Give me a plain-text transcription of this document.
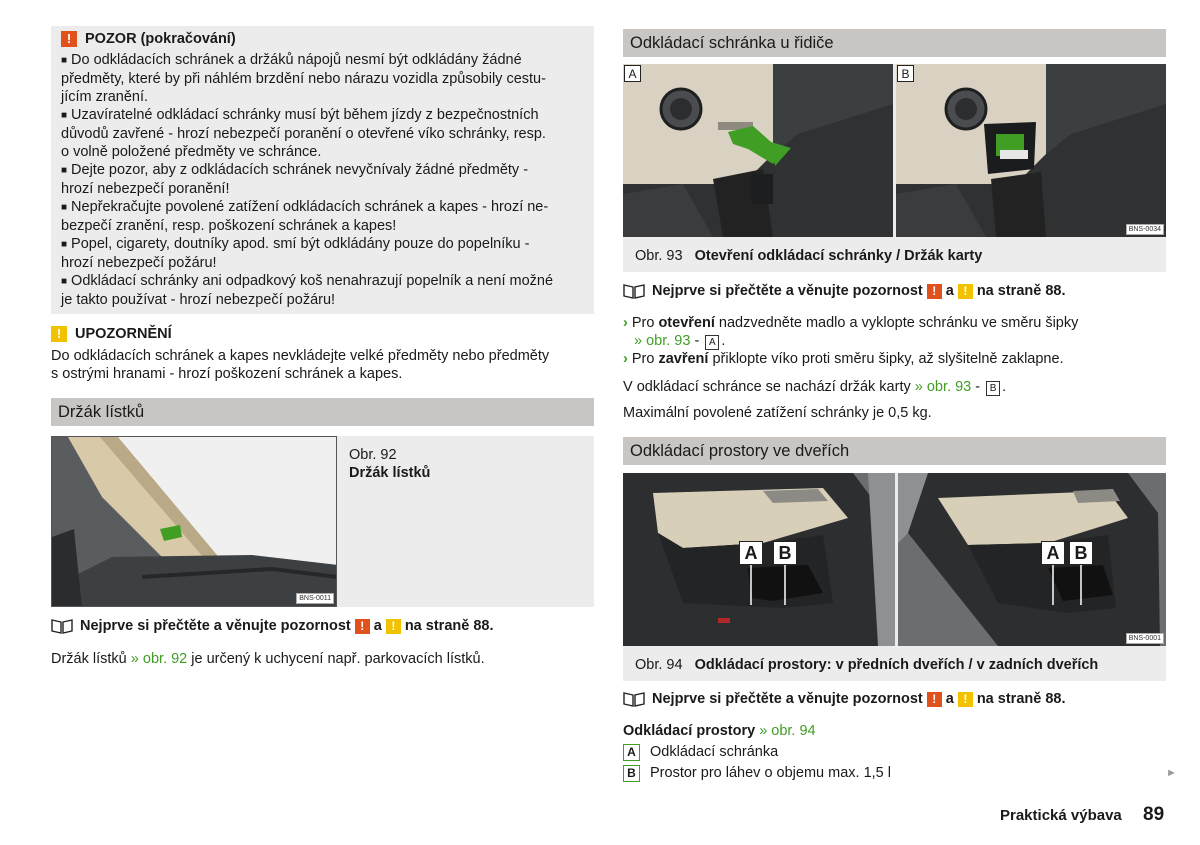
! POZOR (pokračování)
■ Do odkládacích schránek a držáků nápojů nesmí být odkládány žádné
předměty, které by při náhlém brzdění nebo nárazu vozidla způsobily cestu-
jícím zranění.
■ Uzavíratelné odkládací schránky musí být během jízdy z bezpečnostních
důvodů zavřené - hrozí nebezpečí poranění o otevřené víko schránky, resp.
o volně položené předměty ve schránce.
■ Dejte pozor, aby z odkládacích schránek nevyčnívaly žádné předměty -
hrozí nebezpečí poranění!
■ Nepřekračujte povolené zatížení odkládacích schránek a kapes - hrozí ne-
bezpečí zranění, resp. poškození schránek a kapes!
■ Popel, cigarety, doutníky apod. smí být odkládány pouze do popelníku -
hrozí nebezpečí požáru!
■ Odkládací schránky ani odpadkový koš nenahrazují popelník a není možné
je takto používat - hrozí nebezpečí požáru!
! UPOZORNĚNÍ
Do odkládacích schránek a kapes nevkládejte velké předměty nebo předměty
s ostrými hranami - hrozí poškození schránek a kapes.
Držák lístků
BNS-0011
Obr. 92
Držák lístků
Nejprve si přečtěte a věnujte pozornost ! a ! na straně 88.
Držák lístků » obr. 92 je určený k uchycení např. parkovacích lístků.
Odkládací schránka u řidiče
A	B
BNS-0034
Obr. 93 Otevření odkládací schránky / Držák karty
Nejprve si přečtěte a věnujte pozornost ! a ! na straně 88.
› Pro otevření nadzvedněte madlo a vyklopte schránku ve směru šipky
» obr. 93 - A .
› Pro zavření přiklopte víko proti směru šipky, až slyšitelně zaklapne.
V odkládací schránce se nachází držák karty » obr. 93 - B .
Maximální povolené zatížení schránky je 0,5 kg.
Odkládací prostory ve dveřích
A	B	A B
BNS-0001
Obr. 94 Odkládací prostory: v předních dveřích / v zadních dveřích
Nejprve si přečtěte a věnujte pozornost ! a ! na straně 88.
Odkládací prostory » obr. 94
A Odkládací schránka
B Prostor pro láhev o objemu max. 1,5 l	►
Praktická výbava 89
